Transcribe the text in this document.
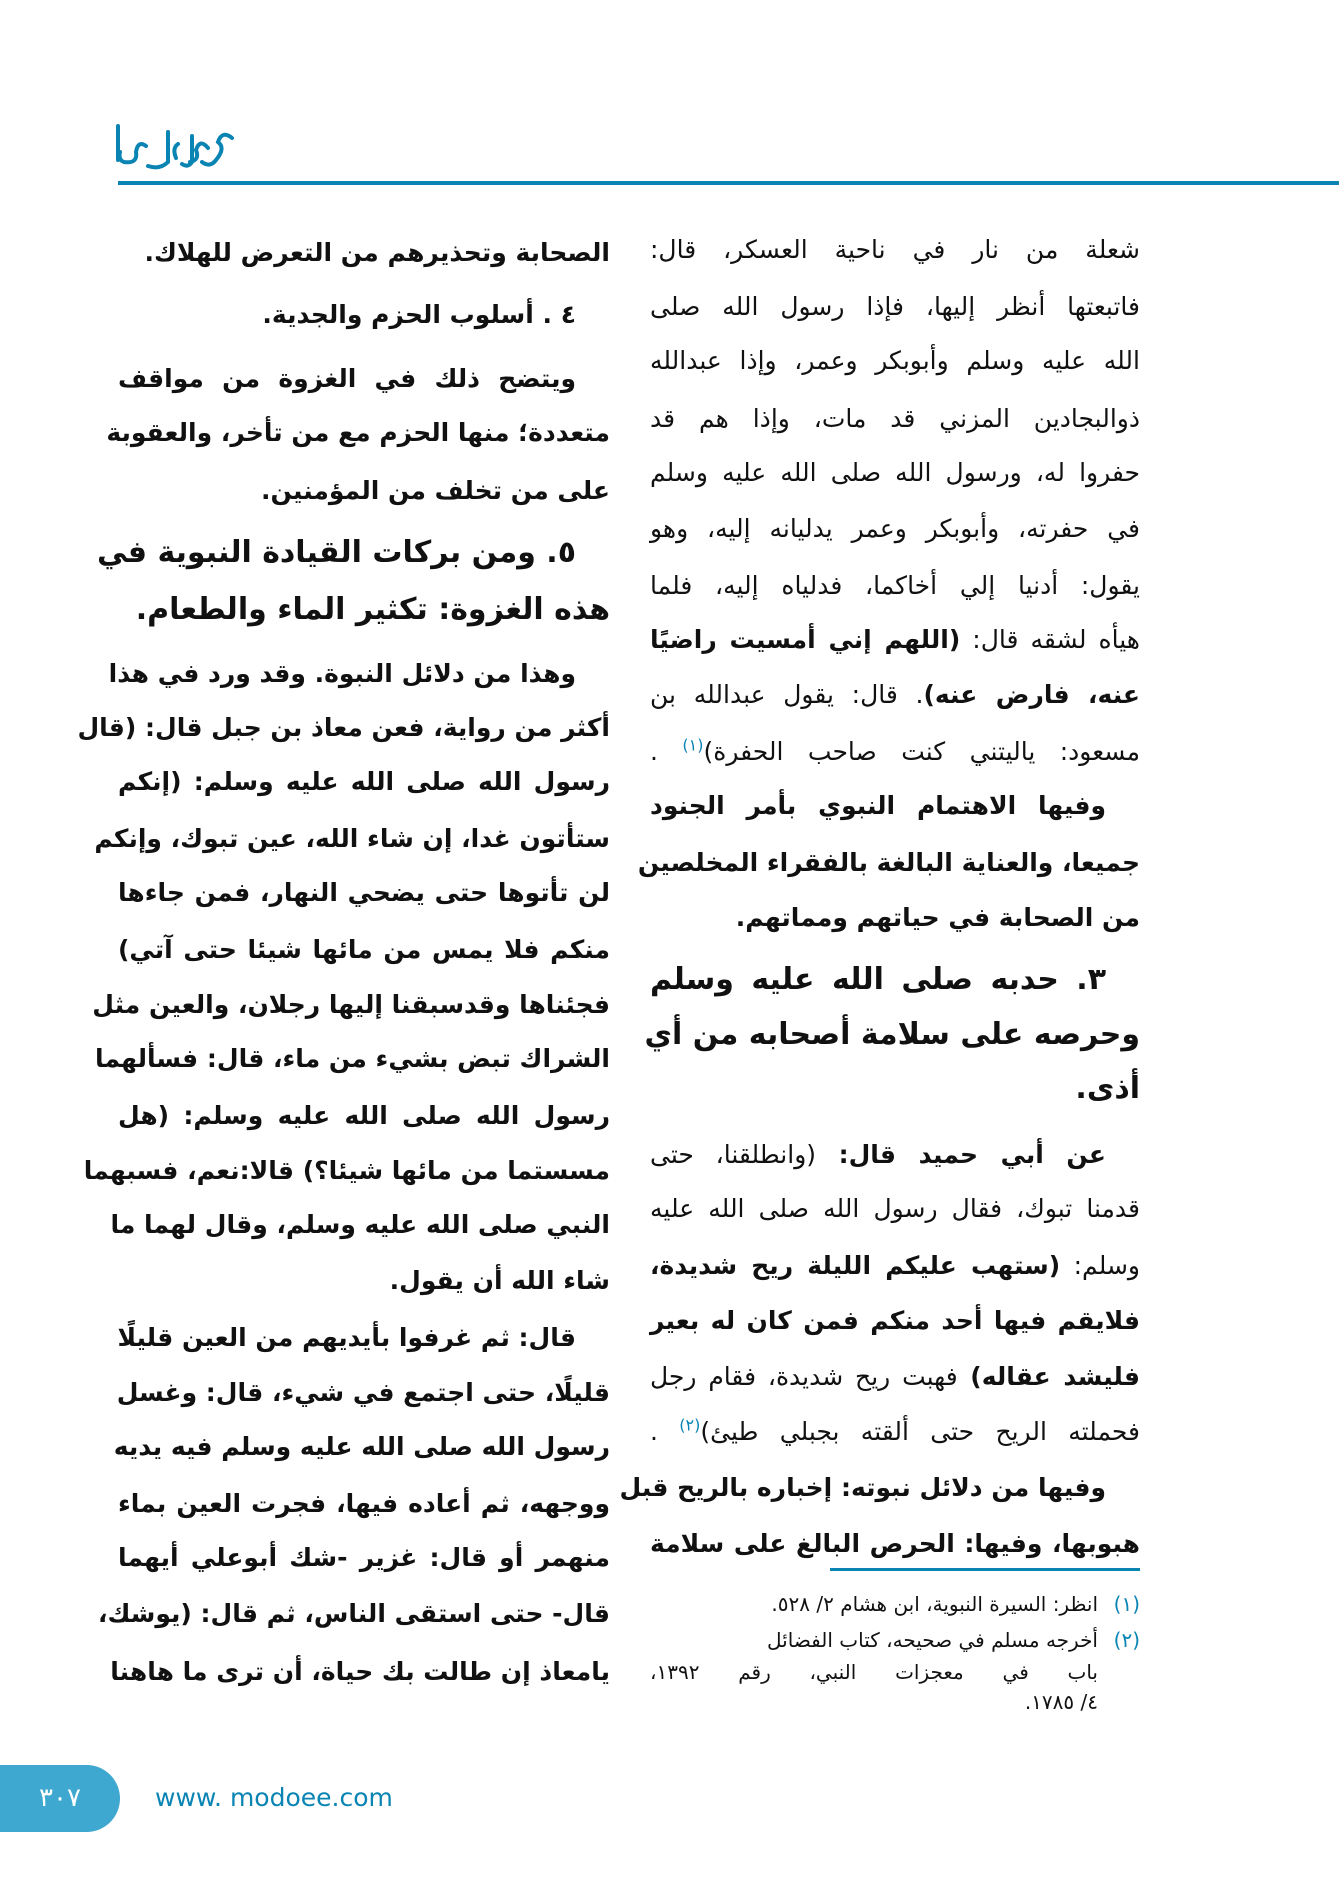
شعلة من نار في ناحية العسكر، قال:
فاتبعتها أنظر إليها، فإذا رسول الله صلى
الله عليه وسلم وأبوبكر وعمر، وإذا عبدالله
ذوالبجادين المزني قد مات، وإذا هم قد
حفروا له، ورسول الله صلى الله عليه وسلم
في حفرته، وأبوبكر وعمر يدليانه إليه، وهو
يقول: أدنيا إلي أخاكما، فدلياه إليه، فلما
هيأه لشقه قال: (اللهم إني أمسيت راضيًا
عنه، فارض عنه). قال: يقول عبدالله بن
مسعود: ياليتني كنت صاحب الحفرة)$^{(١)}$ .
وفيها الاهتمام النبوي بأمر الجنود
جميعا، والعناية البالغة بالفقراء المخلصين
من الصحابة في حياتهم ومماتهم.
٣. حدبه صلى الله عليه وسلم
وحرصه على سلامة أصحابه من أي
أذى.
عن أبي حميد قال: (وانطلقنا، حتى
قدمنا تبوك، فقال رسول الله صلى الله عليه
وسلم: (ستهب عليكم الليلة ريح شديدة،
فلايقم فيها أحد منكم فمن كان له بعير
فليشد عقاله) فهبت ريح شديدة، فقام رجل
فحملته الريح حتى ألقته بجبلي طيئ)$^{(٢)}$ .
وفيها من دلائل نبوته: إخباره بالريح قبل
هبوبها، وفيها: الحرص البالغ على سلامة
الصحابة وتحذيرهم من التعرض للهلاك.
٤ . أسلوب الحزم والجدية.
ويتضح ذلك في الغزوة من مواقف
متعددة؛ منها الحزم مع من تأخر، والعقوبة
على من تخلف من المؤمنين.
٥. ومن بركات القيادة النبوية في
هذه الغزوة: تكثير الماء والطعام.
وهذا من دلائل النبوة. وقد ورد في هذا
أكثر من رواية، فعن معاذ بن جبل قال: (قال
رسول الله صلى الله عليه وسلم: (إنكم
ستأتون غدا، إن شاء الله، عين تبوك، وإنكم
لن تأتوها حتى يضحي النهار، فمن جاءها
منكم فلا يمس من مائها شيئا حتى آتي)
فجئناها وقدسبقنا إليها رجلان، والعين مثل
الشراك تبض بشيء من ماء، قال: فسألهما
رسول الله صلى الله عليه وسلم: (هل
مسستما من مائها شيئا؟) قالا:نعم، فسبهما
النبي صلى الله عليه وسلم، وقال لهما ما
شاء الله أن يقول.
قال: ثم غرفوا بأيديهم من العين قليلًا
قليلًا، حتى اجتمع في شيء، قال: وغسل
رسول الله صلى الله عليه وسلم فيه يديه
ووجهه، ثم أعاده فيها، فجرت العين بماء
منهمر أو قال: غزير -شك أبوعلي أيهما
قال- حتى استقى الناس، ثم قال: (يوشك،
يامعاذ إن طالت بك حياة، أن ترى ما هاهنا
(١)
انظر: السيرة النبوية، ابن هشام ٢/ ٥٢٨.
(٢)
أخرجه مسلم في صحيحه، كتاب الفضائل
باب في معجزات النبي، رقم ١٣٩٢،
٤/ ١٧٨٥.
٣٠٧	www. modoee.com
